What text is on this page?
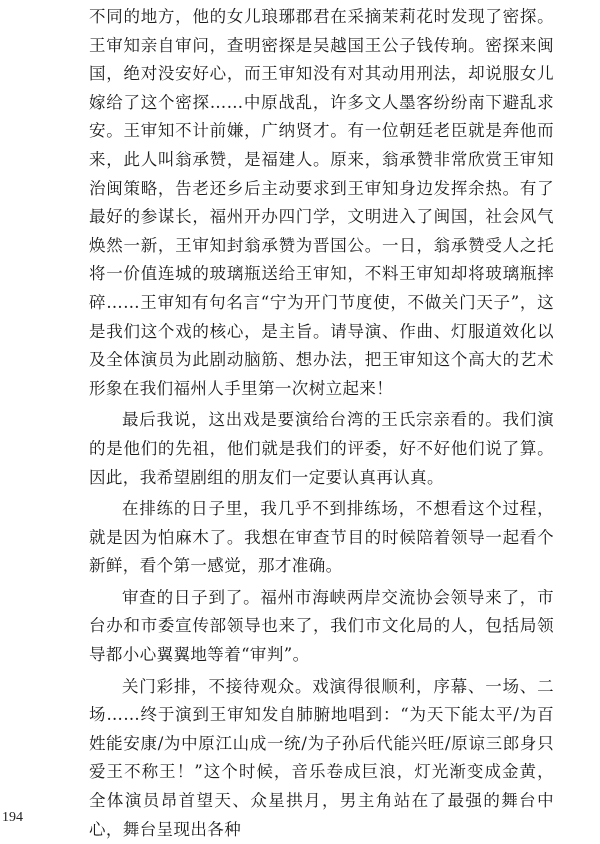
不同的地方，他的女儿琅琊郡君在采摘茉莉花时发现了密探。王审知亲自审问，查明密探是吴越国王公子钱传珦。密探来闽国，绝对没安好心，而王审知没有对其动用刑法，却说服女儿嫁给了这个密探……中原战乱，许多文人墨客纷纷南下避乱求安。王审知不计前嫌，广纳贤才。有一位朝廷老臣就是奔他而来，此人叫翁承赞，是福建人。原来，翁承赞非常欣赏王审知治闽策略，告老还乡后主动要求到王审知身边发挥余热。有了最好的参谋长，福州开办四门学，文明进入了闽国，社会风气焕然一新，王审知封翁承赞为晋国公。一日，翁承赞受人之托将一价值连城的玻璃瓶送给王审知，不料王审知却将玻璃瓶摔碎……王审知有句名言“宁为开门节度使，不做关门天子”，这是我们这个戏的核心，是主旨。请导演、作曲、灯服道效化以及全体演员为此剧动脑筋、想办法，把王审知这个高大的艺术形象在我们福州人手里第一次树立起来！

最后我说，这出戏是要演给台湾的王氏宗亲看的。我们演的是他们的先祖，他们就是我们的评委，好不好他们说了算。因此，我希望剧组的朋友们一定要认真再认真。

在排练的日子里，我几乎不到排练场，不想看这个过程，就是因为怕麻木了。我想在审查节目的时候陪着领导一起看个新鲜，看个第一感觉，那才准确。

审查的日子到了。福州市海峡两岸交流协会领导来了，市台办和市委宣传部领导也来了，我们市文化局的人，包括局领导都小心翼翼地等着“审判”。

关门彩排，不接待观众。戏演得很顺利，序幕、一场、二场……终于演到王审知发自肺腑地唱到：“为天下能太平/为百姓能安康/为中原江山成一统/为子孙后代能兴旺/原谅三郎身只爱王不称王！”这个时候，音乐卷成巨浪，灯光渐变成金黄，全体演员昂首望天、众星拱月，男主角站在了最强的舞台中心，舞台呈现出各种

194
